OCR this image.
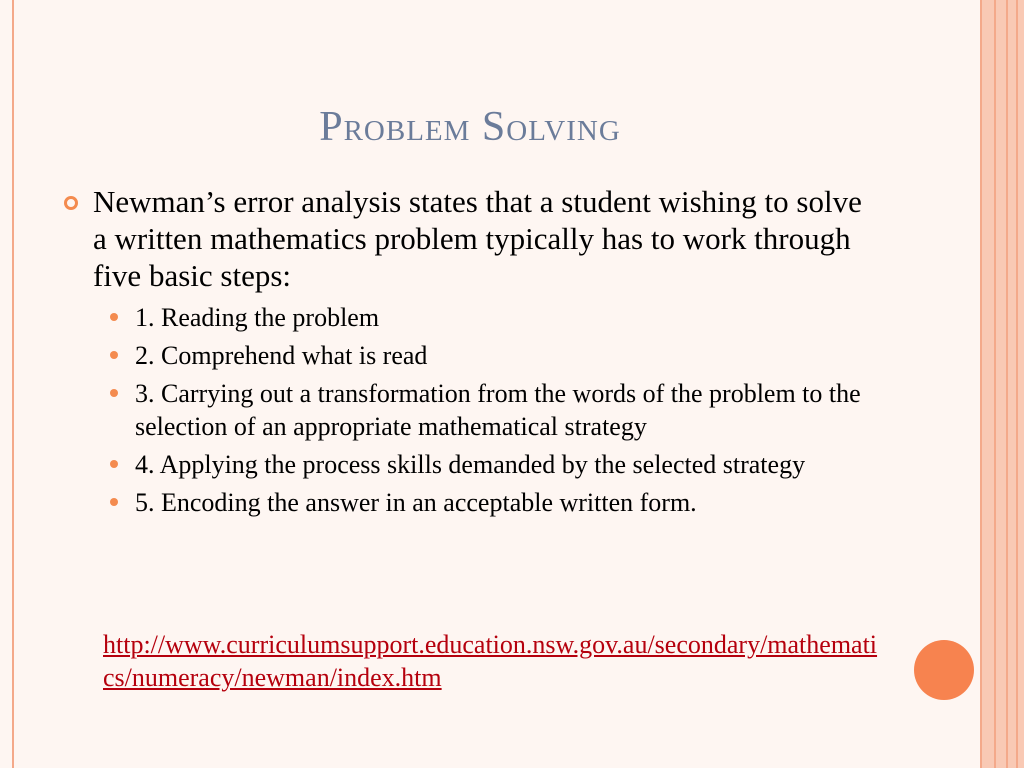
Problem Solving
Newman’s error analysis states that a student wishing to solve a written mathematics problem typically has to work through five basic steps:
1. Reading the problem
2. Comprehend what is read
3. Carrying out a transformation from the words of the problem to the selection of an appropriate mathematical strategy
4. Applying the process skills demanded by the selected strategy
5. Encoding the answer in an acceptable written form.
http://www.curriculumsupport.education.nsw.gov.au/secondary/mathematics/numeracy/newman/index.htm
